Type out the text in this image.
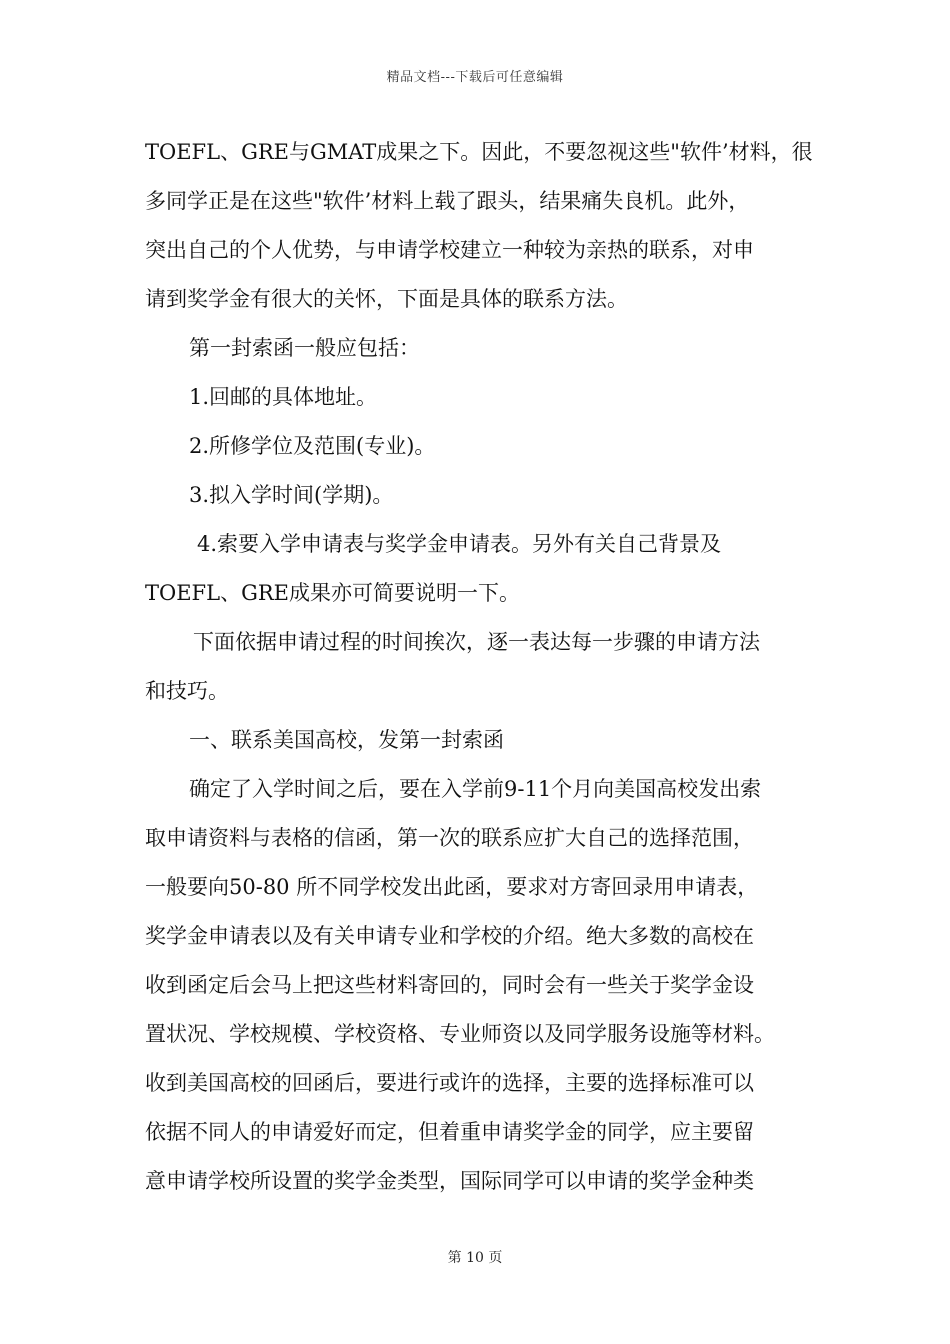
精品文档---下载后可任意编辑
TOEFL、GRE与GMAT成果之下。因此，不要忽视这些"软件’材料，很
多同学正是在这些"软件’材料上载了跟头，结果痛失良机。此外，
突出自己的个人优势，与申请学校建立一种较为亲热的联系，对申
请到奖学金有很大的关怀，下面是具体的联系方法。
第一封索函一般应包括：
1.回邮的具体地址。
2.所修学位及范围(专业)。
3.拟入学时间(学期)。
4.索要入学申请表与奖学金申请表。另外有关自己背景及
TOEFL、GRE成果亦可简要说明一下。
下面依据申请过程的时间挨次，逐一表达每一步骤的申请方法
和技巧。
一、联系美国高校，发第一封索函
确定了入学时间之后，要在入学前9-11个月向美国高校发出索
取申请资料与表格的信函，第一次的联系应扩大自己的选择范围，
一般要向50-80 所不同学校发出此函，要求对方寄回录用申请表，
奖学金申请表以及有关申请专业和学校的介绍。绝大多数的高校在
收到函定后会马上把这些材料寄回的，同时会有一些关于奖学金设
置状况、学校规模、学校资格、专业师资以及同学服务设施等材料。
收到美国高校的回函后，要进行或许的选择，主要的选择标准可以
依据不同人的申请爱好而定，但着重申请奖学金的同学，应主要留
意申请学校所设置的奖学金类型，国际同学可以申请的奖学金种类
第 10 页
